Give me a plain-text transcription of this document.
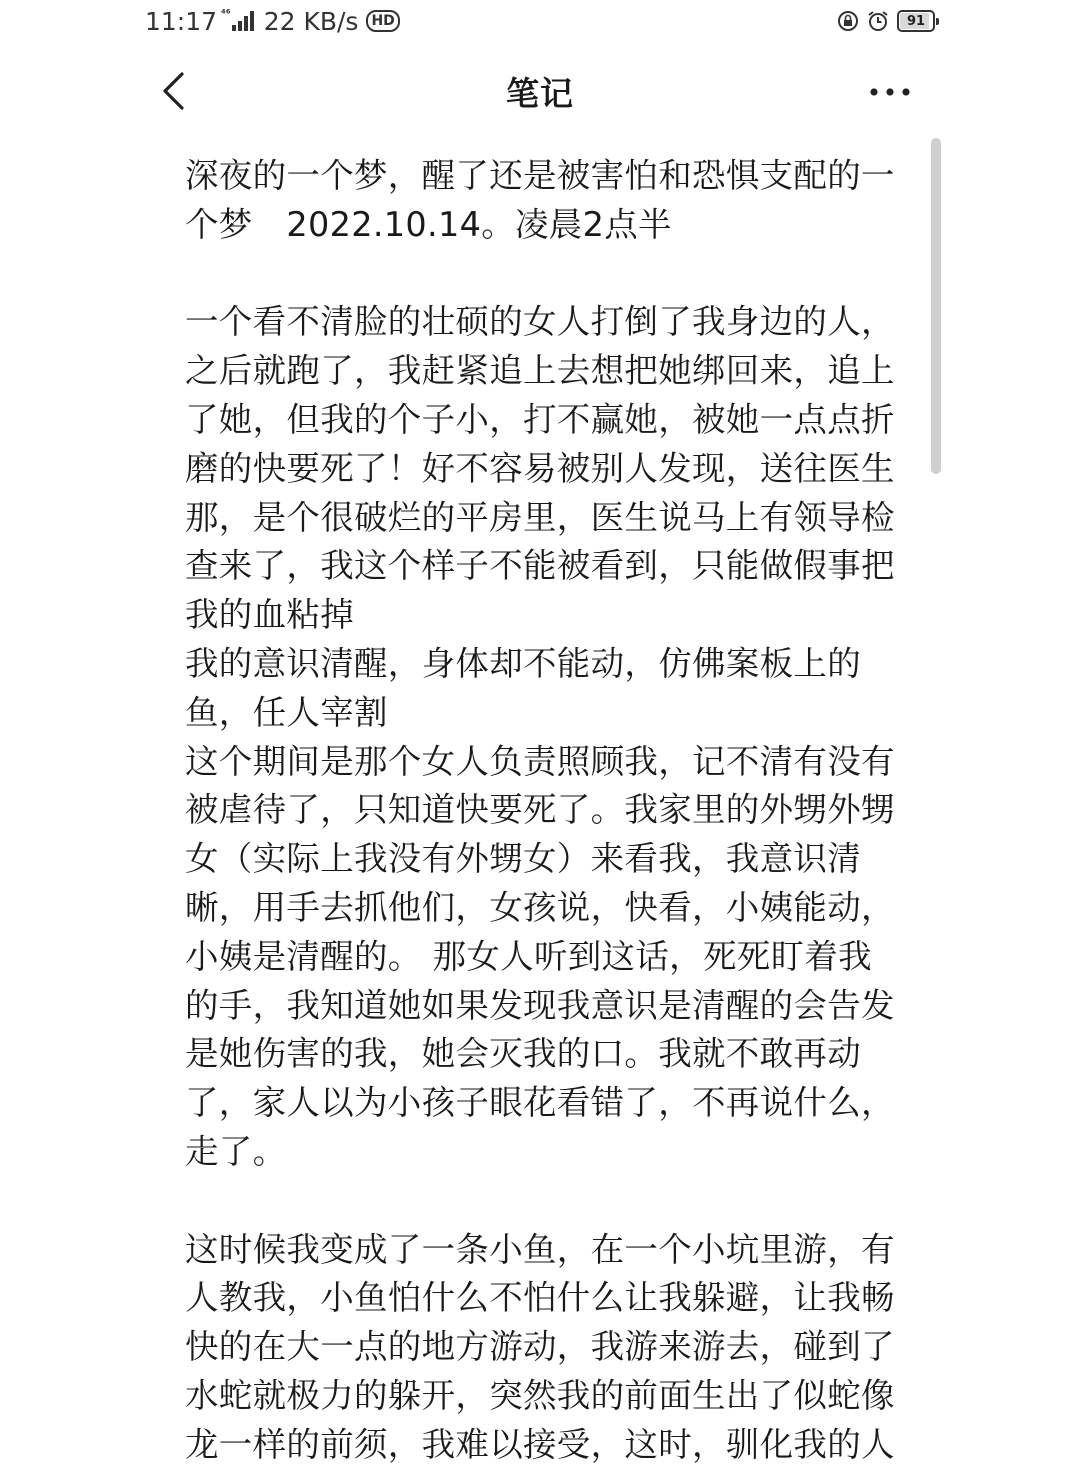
11:17 ⁴⁶ 22 KB/s HD	91
笔记

深夜的一个梦，醒了还是被害怕和恐惧支配的一个梦　2022.10.14。凌晨2点半

一个看不清脸的壮硕的女人打倒了我身边的人，之后就跑了，我赶紧追上去想把她绑回来，追上了她，但我的个子小，打不赢她，被她一点点折磨的快要死了！好不容易被别人发现，送往医生那，是个很破烂的平房里，医生说马上有领导检查来了，我这个样子不能被看到，只能做假事把我的血粘掉

我的意识清醒，身体却不能动，仿佛案板上的鱼，任人宰割

这个期间是那个女人负责照顾我，记不清有没有被虐待了，只知道快要死了。我家里的外甥外甥女（实际上我没有外甥女）来看我，我意识清晰，用手去抓他们，女孩说，快看，小姨能动，小姨是清醒的。 那女人听到这话，死死盯着我的手，我知道她如果发现我意识是清醒的会告发是她伤害的我，她会灭我的口。我就不敢再动了，家人以为小孩子眼花看错了，不再说什么，走了。

这时候我变成了一条小鱼，在一个小坑里游，有人教我，小鱼怕什么不怕什么让我躲避，让我畅快的在大一点的地方游动，我游来游去，碰到了水蛇就极力的躲开，突然我的前面生出了似蛇像龙一样的前须，我难以接受，这时，驯化我的人
